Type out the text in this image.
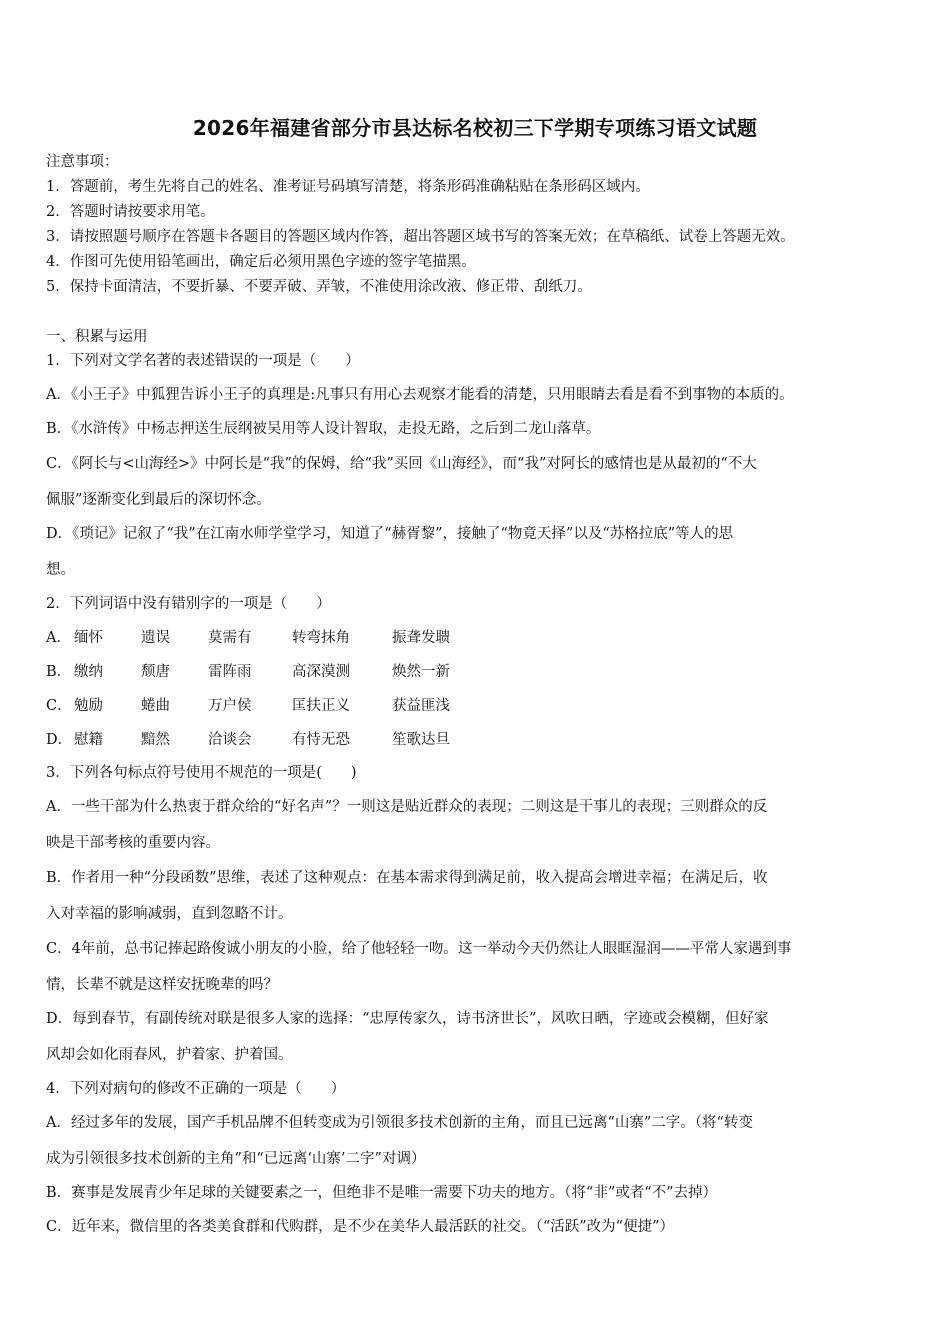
2026年福建省部分市县达标名校初三下学期专项练习语文试题
注意事项：
1．答题前，考生先将自己的姓名、准考证号码填写清楚，将条形码准确粘贴在条形码区域内。
2．答题时请按要求用笔。
3．请按照题号顺序在答题卡各题目的答题区域内作答，超出答题区域书写的答案无效；在草稿纸、试卷上答题无效。
4．作图可先使用铅笔画出，确定后必须用黑色字迹的签字笔描黑。
5．保持卡面清洁，不要折暴、不要弄破、弄皱，不准使用涂改液、修正带、刮纸刀。
一、积累与运用
1．下列对文学名著的表述错误的一项是（　　）
A．《小王子》中狐狸告诉小王子的真理是:凡事只有用心去观察才能看的清楚，只用眼睛去看是看不到事物的本质的。
B．《水浒传》中杨志押送生辰纲被吴用等人设计智取，走投无路，之后到二龙山落草。
C．《阿长与<山海经>》中阿长是“我”的保姆，给“我”买回《山海经》，而“我”对阿长的感情也是从最初的“不大
佩服”逐渐变化到最后的深切怀念。
D．《琐记》记叙了“我”在江南水师学堂学习，知道了“赫胥黎”，接触了“物竟天择”以及“苏格拉底”等人的思
想。
2．下列词语中没有错别字的一项是（　　）
A． 缅怀	遗误	莫需有	转弯抹角	振聋发聩
B． 缴纳	颓唐	雷阵雨	高深漠测	焕然一新
C． 勉励	蜷曲	万户侯	匡扶正义	获益匪浅
D． 慰籍	黯然	洽谈会	有恃无恐	笙歌达旦
3．下列各句标点符号使用不规范的一项是(　　)
A．一些干部为什么热衷于群众给的“好名声”？一则这是贴近群众的表现；二则这是干事儿的表现；三则群众的反
映是干部考核的重要内容。
B．作者用一种“分段函数”思维，表述了这种观点：在基本需求得到满足前，收入提高会增进幸福；在满足后，收
入对幸福的影响减弱，直到忽略不计。
C．4年前，总书记捧起路俊诚小朋友的小脸，给了他轻轻一吻。这一举动今天仍然让人眼眶湿润——平常人家遇到事
情，长辈不就是这样安抚晚辈的吗？
D．每到春节，有副传统对联是很多人家的选择：“忠厚传家久，诗书济世长”，风吹日晒，字迹或会模糊，但好家
风却会如化雨春风，护着家、护着国。
4．下列对病句的修改不正确的一项是（　　）
A．经过多年的发展，国产手机品牌不但转变成为引领很多技术创新的主角，而且已远离“山寨”二字。（将“转变
成为引领很多技术创新的主角”和“已远离‘山寨’二字”对调）
B．赛事是发展青少年足球的关键要素之一，但绝非不是唯一需要下功夫的地方。（将“非”或者“不”去掉）
C．近年来，微信里的各类美食群和代购群，是不少在美华人最活跃的社交。（“活跃”改为“便捷”）
